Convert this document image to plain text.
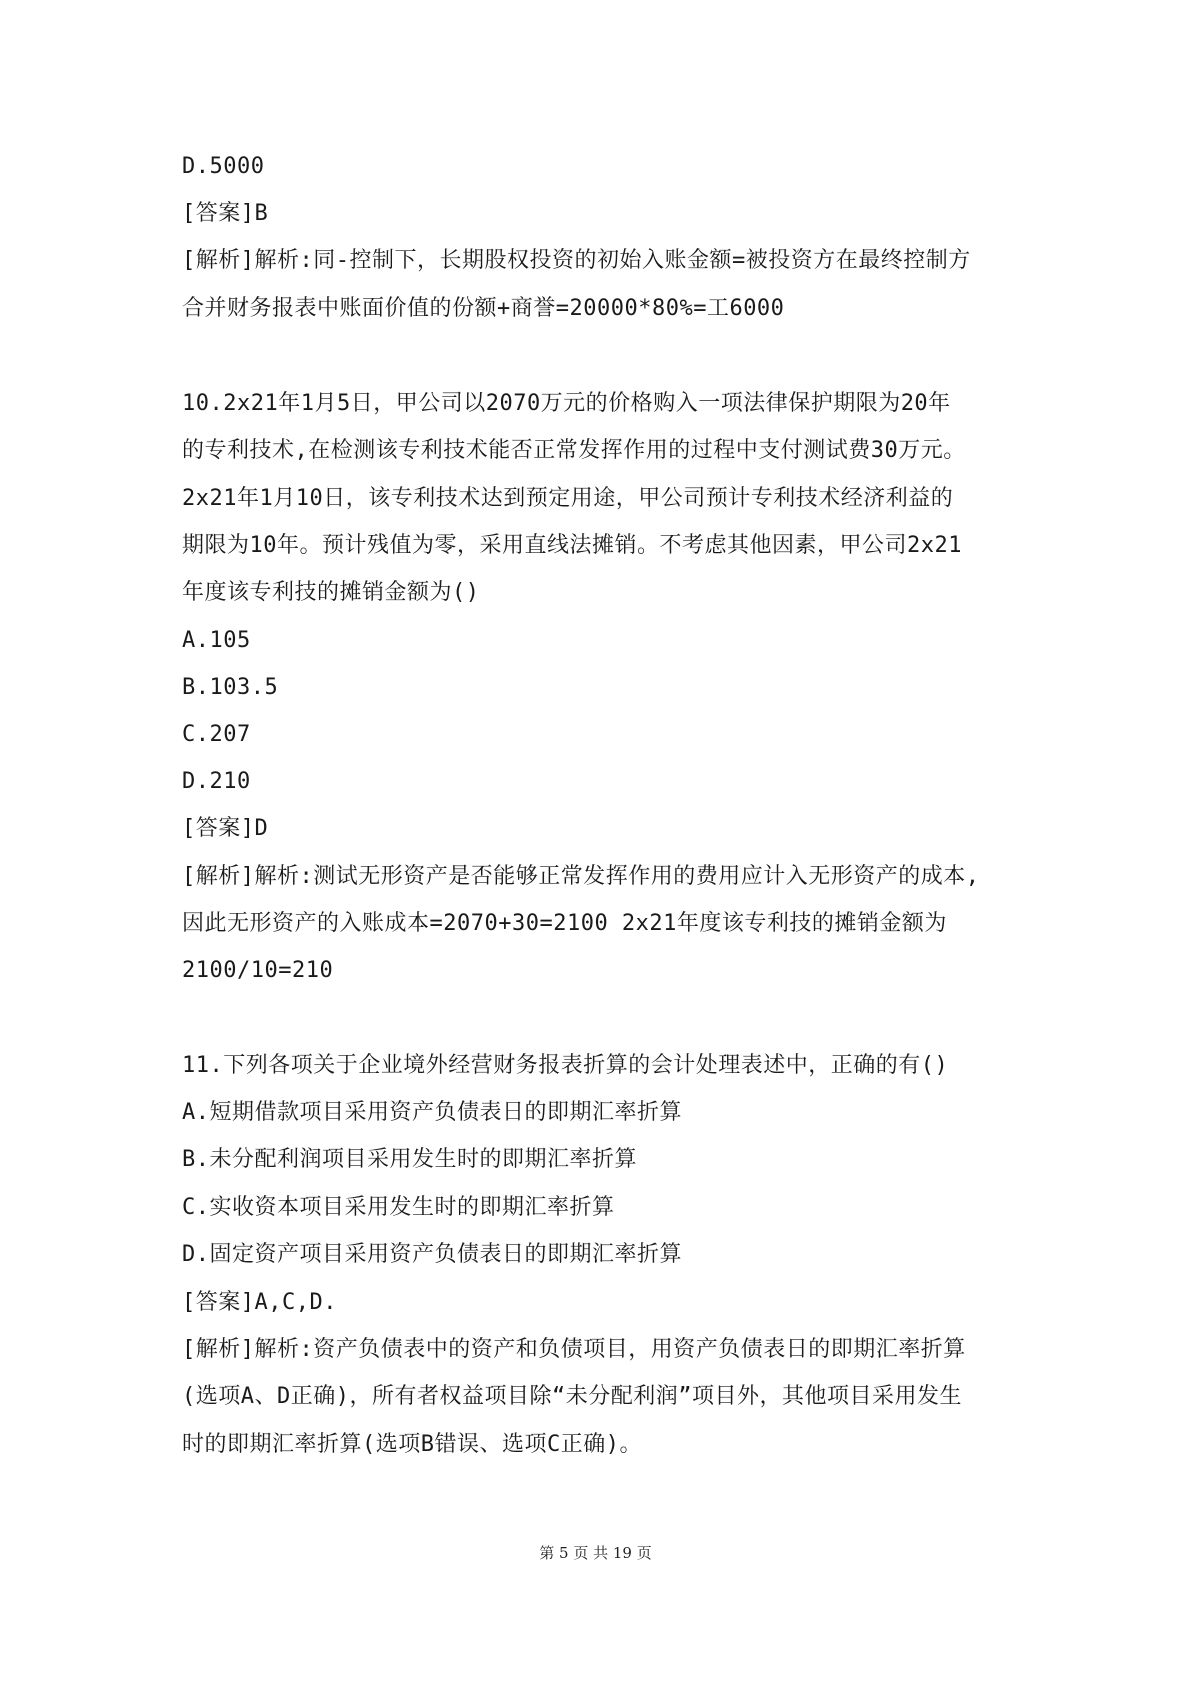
D.5000
[答案]B
[解析]解析:同-控制下，长期股权投资的初始入账金额=被投资方在最终控制方
合并财务报表中账面价值的份额+商誉=20000*80%=工6000
10.2x21年1月5日，甲公司以2070万元的价格购入一项法律保护期限为20年
的专利技术,在检测该专利技术能否正常发挥作用的过程中支付测试费30万元。
2x21年1月10日，该专利技术达到预定用途，甲公司预计专利技术经济利益的
期限为10年。预计残值为零，采用直线法摊销。不考虑其他因素，甲公司2x21
年度该专利技的摊销金额为()
A.105
B.103.5
C.207
D.210
[答案]D
[解析]解析:测试无形资产是否能够正常发挥作用的费用应计入无形资产的成本,
因此无形资产的入账成本=2070+30=2100 2x21年度该专利技的摊销金额为
2100/10=210
11.下列各项关于企业境外经营财务报表折算的会计处理表述中，正确的有()
A.短期借款项目采用资产负债表日的即期汇率折算
B.未分配利润项目采用发生时的即期汇率折算
C.实收资本项目采用发生时的即期汇率折算
D.固定资产项目采用资产负债表日的即期汇率折算
[答案]A,C,D.
[解析]解析:资产负债表中的资产和负债项目，用资产负债表日的即期汇率折算
(选项A、D正确)，所有者权益项目除“未分配利润”项目外，其他项目采用发生
时的即期汇率折算(选项B错误、选项C正确)。
第 5 页 共 19 页
